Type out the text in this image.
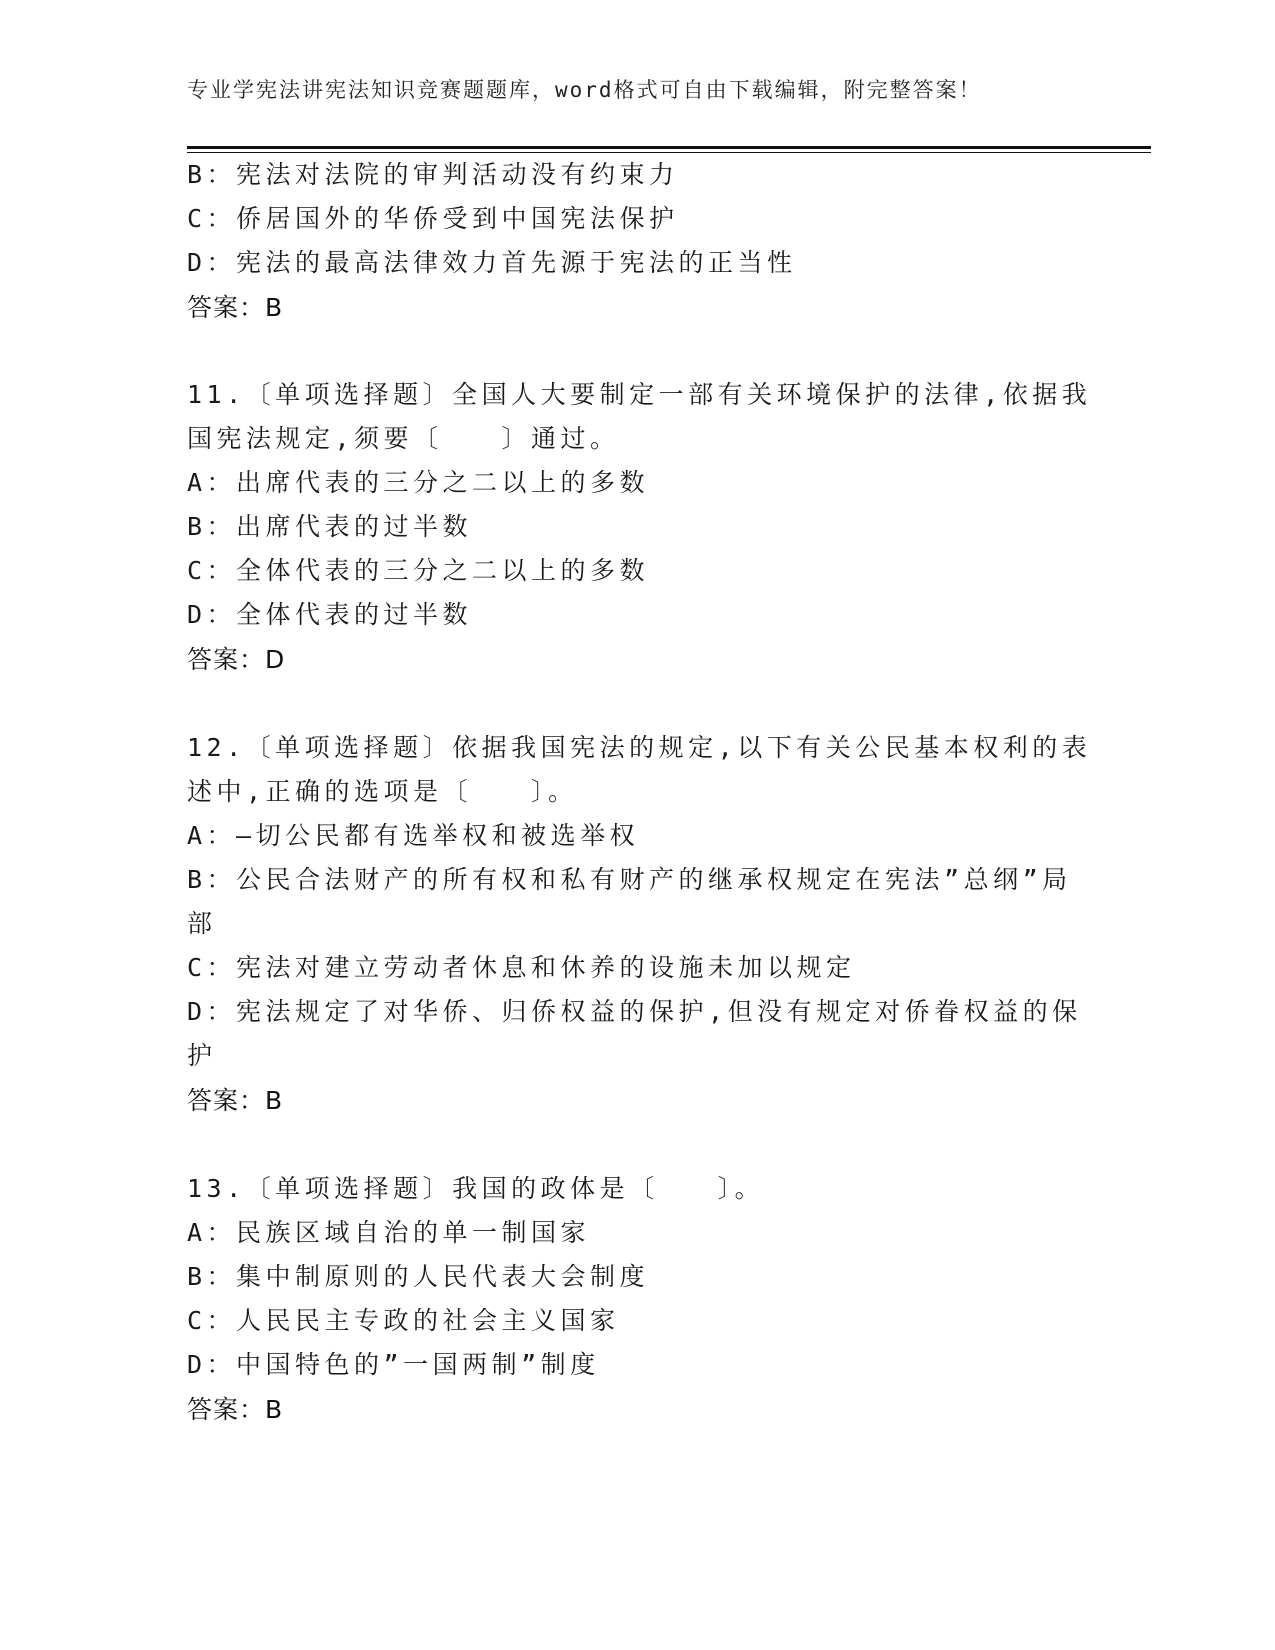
专业学宪法讲宪法知识竞赛题题库，word格式可自由下载编辑，附完整答案！
B：宪法对法院的审判活动没有约束力
C：侨居国外的华侨受到中国宪法保护
D：宪法的最高法律效力首先源于宪法的正当性
答案：B
11.〔单项选择题〕全国人大要制定一部有关环境保护的法律,依据我
国宪法规定,须要〔　　〕通过。
A：出席代表的三分之二以上的多数
B：出席代表的过半数
C：全体代表的三分之二以上的多数
D：全体代表的过半数
答案：D
12.〔单项选择题〕依据我国宪法的规定,以下有关公民基本权利的表
述中,正确的选项是〔　　〕。
A：—切公民都有选举权和被选举权
B：公民合法财产的所有权和私有财产的继承权规定在宪法”总纲”局
部
C：宪法对建立劳动者休息和休养的设施未加以规定
D：宪法规定了对华侨、归侨权益的保护,但没有规定对侨眷权益的保
护
答案：B
13.〔单项选择题〕我国的政体是〔　　〕。
A：民族区域自治的单一制国家
B：集中制原则的人民代表大会制度
C：人民民主专政的社会主义国家
D：中国特色的”一国两制”制度
答案：B
